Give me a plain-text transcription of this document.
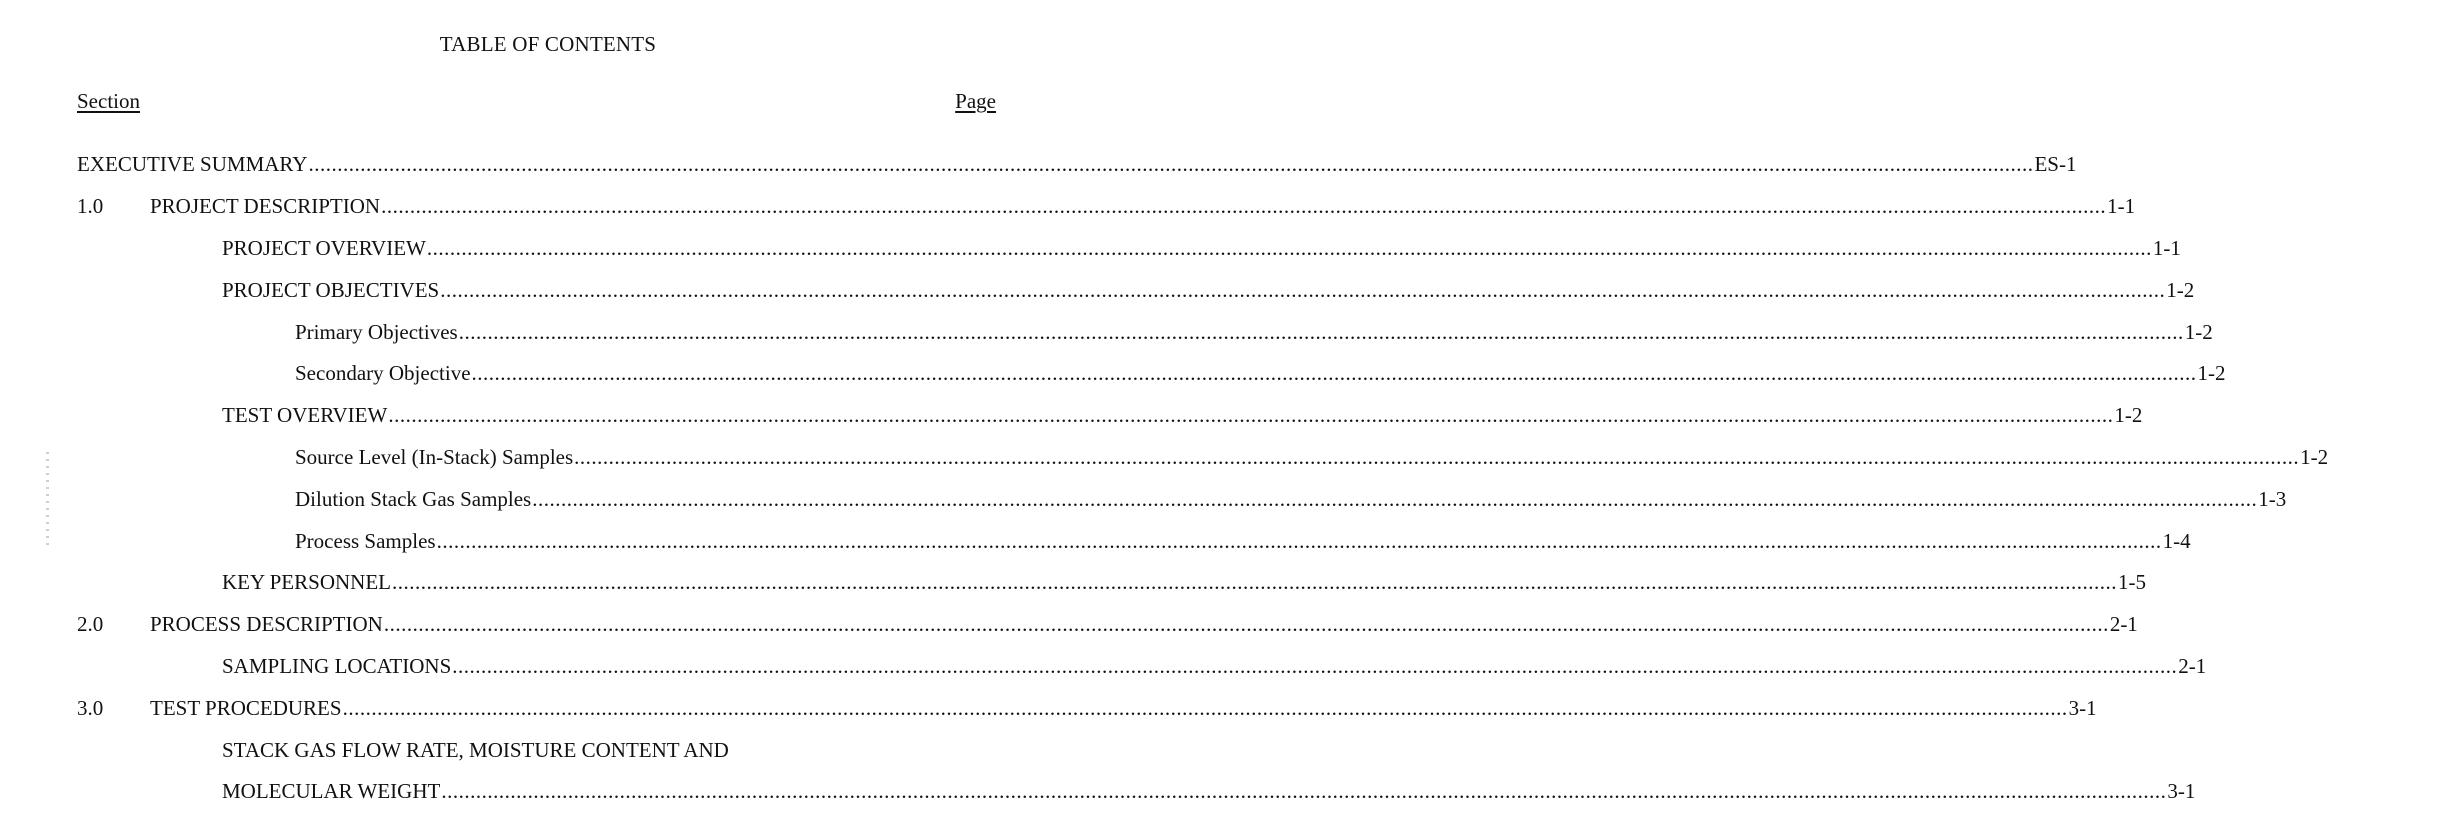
TABLE OF CONTENTS
Section	Page
EXECUTIVE SUMMARY ............................................................................................................................................................................................................................................................................................................ ES-1
1.0	PROJECT DESCRIPTION ............................................................................................................................................................................................................................................................................................................ 1-1
PROJECT OVERVIEW ............................................................................................................................................................................................................................................................................................................ 1-1
PROJECT OBJECTIVES ............................................................................................................................................................................................................................................................................................................ 1-2
Primary Objectives ............................................................................................................................................................................................................................................................................................................ 1-2
Secondary Objective ............................................................................................................................................................................................................................................................................................................ 1-2
TEST OVERVIEW ............................................................................................................................................................................................................................................................................................................ 1-2
Source Level (In-Stack) Samples ............................................................................................................................................................................................................................................................................................................ 1-2
Dilution Stack Gas Samples ............................................................................................................................................................................................................................................................................................................ 1-3
Process Samples ............................................................................................................................................................................................................................................................................................................ 1-4
KEY PERSONNEL ............................................................................................................................................................................................................................................................................................................ 1-5
2.0	PROCESS DESCRIPTION ............................................................................................................................................................................................................................................................................................................ 2-1
SAMPLING LOCATIONS ............................................................................................................................................................................................................................................................................................................ 2-1
3.0	TEST PROCEDURES ............................................................................................................................................................................................................................................................................................................ 3-1
STACK GAS FLOW RATE, MOISTURE CONTENT AND
MOLECULAR WEIGHT ............................................................................................................................................................................................................................................................................................................ 3-1
